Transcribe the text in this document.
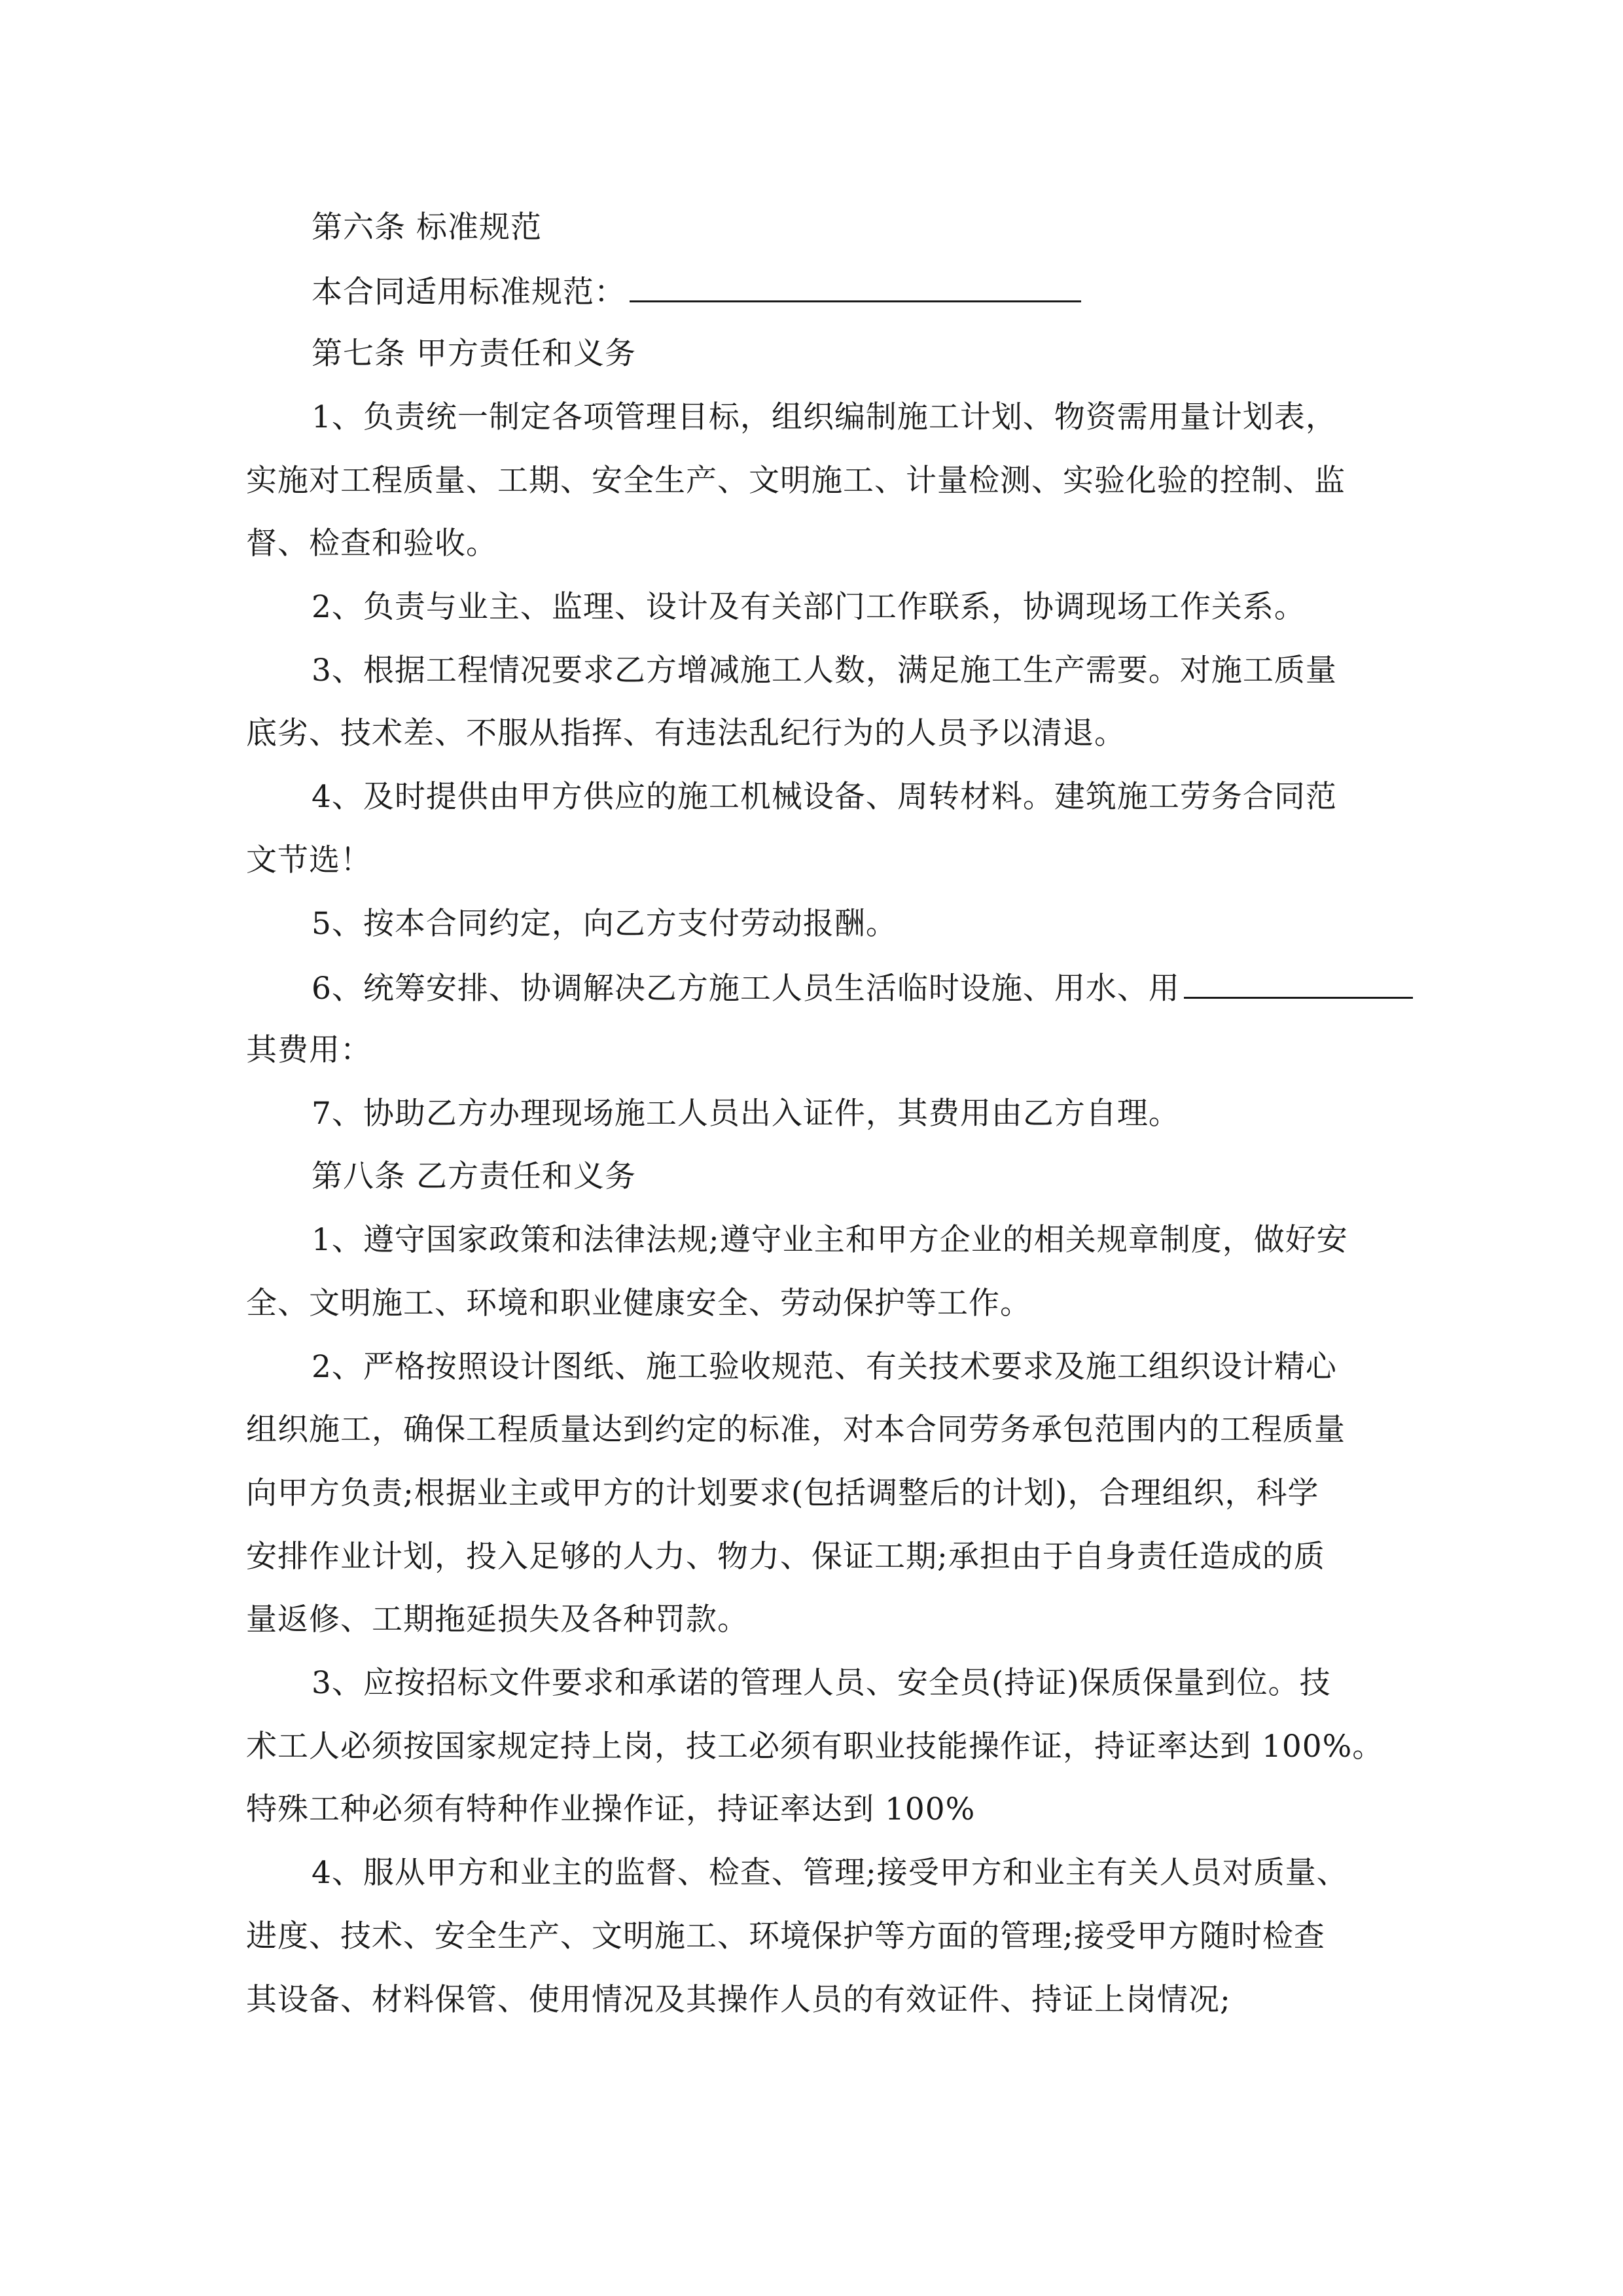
第六条 标准规范

本合同适用标准规范：

第七条 甲方责任和义务

1、负责统一制定各项管理目标，组织编制施工计划、物资需用量计划表，

实施对工程质量、工期、安全生产、文明施工、计量检测、实验化验的控制、监

督、检查和验收。

2、负责与业主、监理、设计及有关部门工作联系，协调现场工作关系。

3、根据工程情况要求乙方增减施工人数，满足施工生产需要。对施工质量

底劣、技术差、不服从指挥、有违法乱纪行为的人员予以清退。

4、及时提供由甲方供应的施工机械设备、周转材料。建筑施工劳务合同范

文节选！

5、按本合同约定，向乙方支付劳动报酬。

6、统筹安排、协调解决乙方施工人员生活临时设施、用水、用

其费用：

7、协助乙方办理现场施工人员出入证件，其费用由乙方自理。

第八条 乙方责任和义务

1、遵守国家政策和法律法规;遵守业主和甲方企业的相关规章制度，做好安

全、文明施工、环境和职业健康安全、劳动保护等工作。

2、严格按照设计图纸、施工验收规范、有关技术要求及施工组织设计精心

组织施工，确保工程质量达到约定的标准，对本合同劳务承包范围内的工程质量

向甲方负责;根据业主或甲方的计划要求(包括调整后的计划)，合理组织，科学

安排作业计划，投入足够的人力、物力、保证工期;承担由于自身责任造成的质

量返修、工期拖延损失及各种罚款。

3、应按招标文件要求和承诺的管理人员、安全员(持证)保质保量到位。技

术工人必须按国家规定持上岗，技工必须有职业技能操作证，持证率达到 100%。

特殊工种必须有特种作业操作证，持证率达到 100%

4、服从甲方和业主的监督、检查、管理;接受甲方和业主有关人员对质量、

进度、技术、安全生产、文明施工、环境保护等方面的管理;接受甲方随时检查

其设备、材料保管、使用情况及其操作人员的有效证件、持证上岗情况;
